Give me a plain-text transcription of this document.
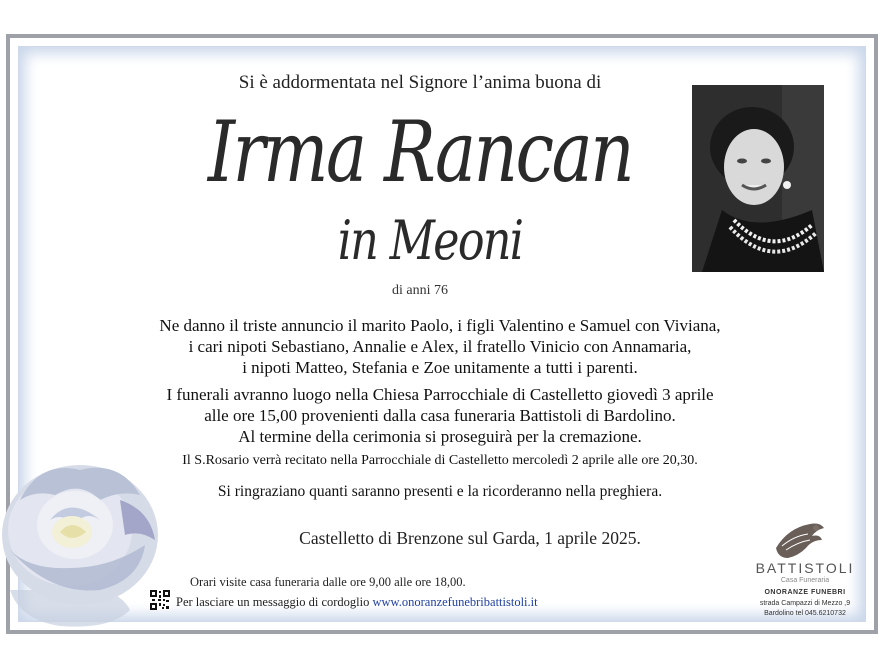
Si è addormentata nel Signore l’anima buona di
Irma Rancan
in Meoni
di anni 76
Ne danno il triste annuncio il marito Paolo, i figli Valentino e Samuel con Viviana,
i cari nipoti Sebastiano, Annalie e Alex, il fratello Vinicio con Annamaria,
i nipoti Matteo, Stefania e Zoe unitamente a tutti i parenti.
I funerali avranno luogo nella Chiesa Parrocchiale di Castelletto giovedì 3 aprile
alle ore 15,00 provenienti dalla casa funeraria Battistoli di Bardolino.
Al termine della cerimonia si proseguirà per la cremazione.
Il S.Rosario verrà recitato nella Parrocchiale di Castelletto mercoledì 2 aprile alle ore 20,30.
Si ringraziano quanti saranno presenti e la ricorderanno nella preghiera.
Castelletto di Brenzone sul Garda, 1 aprile 2025.
Orari visite casa funeraria dalle ore 9,00 alle ore 18,00.
Per lasciare un messaggio di cordoglio www.onoranzefunebribattistoli.it
BATTISTOLI
Casa Funeraria
ONORANZE FUNEBRI
strada Campazzi di Mezzo ,9
Bardolino tel 045.6210732
